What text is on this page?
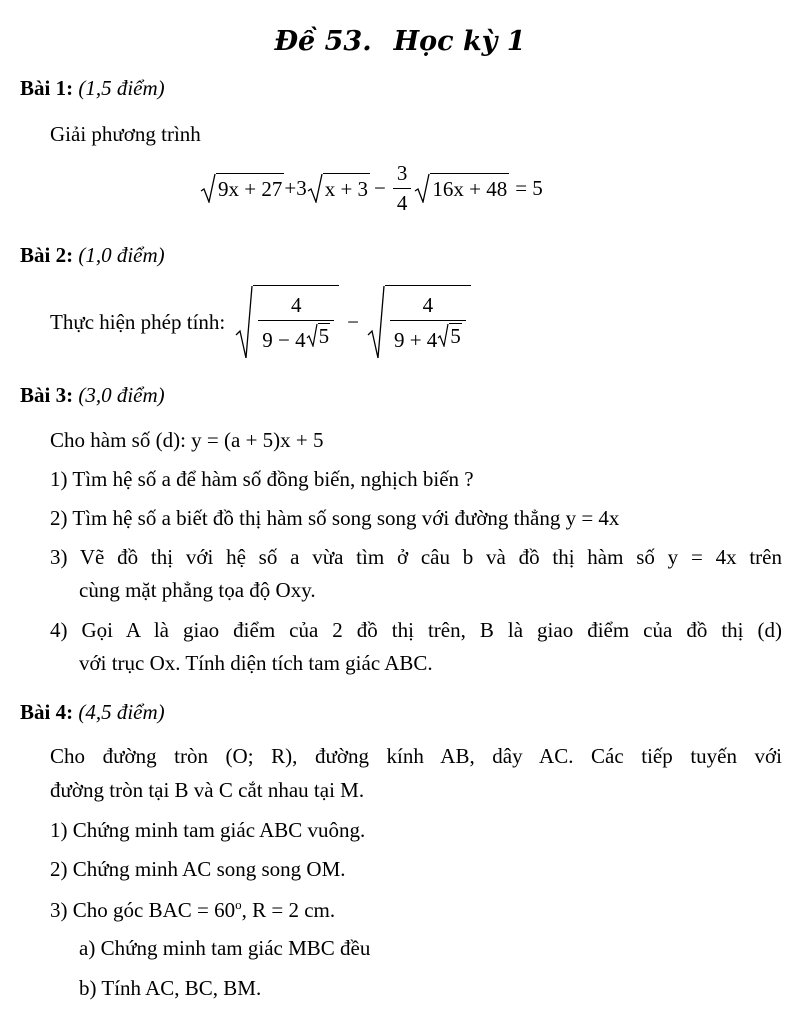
Đề 53. Học kỳ 1
Bài 1: (1,5 điểm)
Giải phương trình
9x + 27 + 3 $x + 3 - \frac{3}{4} 16x + 48 = 5$
Bài 2: (1,0 điểm)
Thực hiện phép tính: $\frac{4}{9 - 4 5} - \frac{4}{9 + 4 5}$
Bài 3: (3,0 điểm)
Cho hàm số (d): y = (a + 5)x + 5
1) Tìm hệ số a để hàm số đồng biến, nghịch biến ?
2) Tìm hệ số a biết đồ thị hàm số song song với đường thẳng y = 4x
3) Vẽ đồ thị với hệ số a vừa tìm ở câu b và đồ thị hàm số y = 4x trên
cùng mặt phẳng tọa độ Oxy.
4) Gọi A là giao điểm của 2 đồ thị trên, B là giao điểm của đồ thị (d)
với trục Ox. Tính diện tích tam giác ABC.
Bài 4: (4,5 điểm)
Cho đường tròn (O; R), đường kính AB, dây AC. Các tiếp tuyến với
đường tròn tại B và C cắt nhau tại M.
1) Chứng minh tam giác ABC vuông.
2) Chứng minh AC song song OM.
3) Cho góc BAC = $60^o$, R = 2 cm.
a) Chứng minh tam giác MBC đều
b) Tính AC, BC, BM.
